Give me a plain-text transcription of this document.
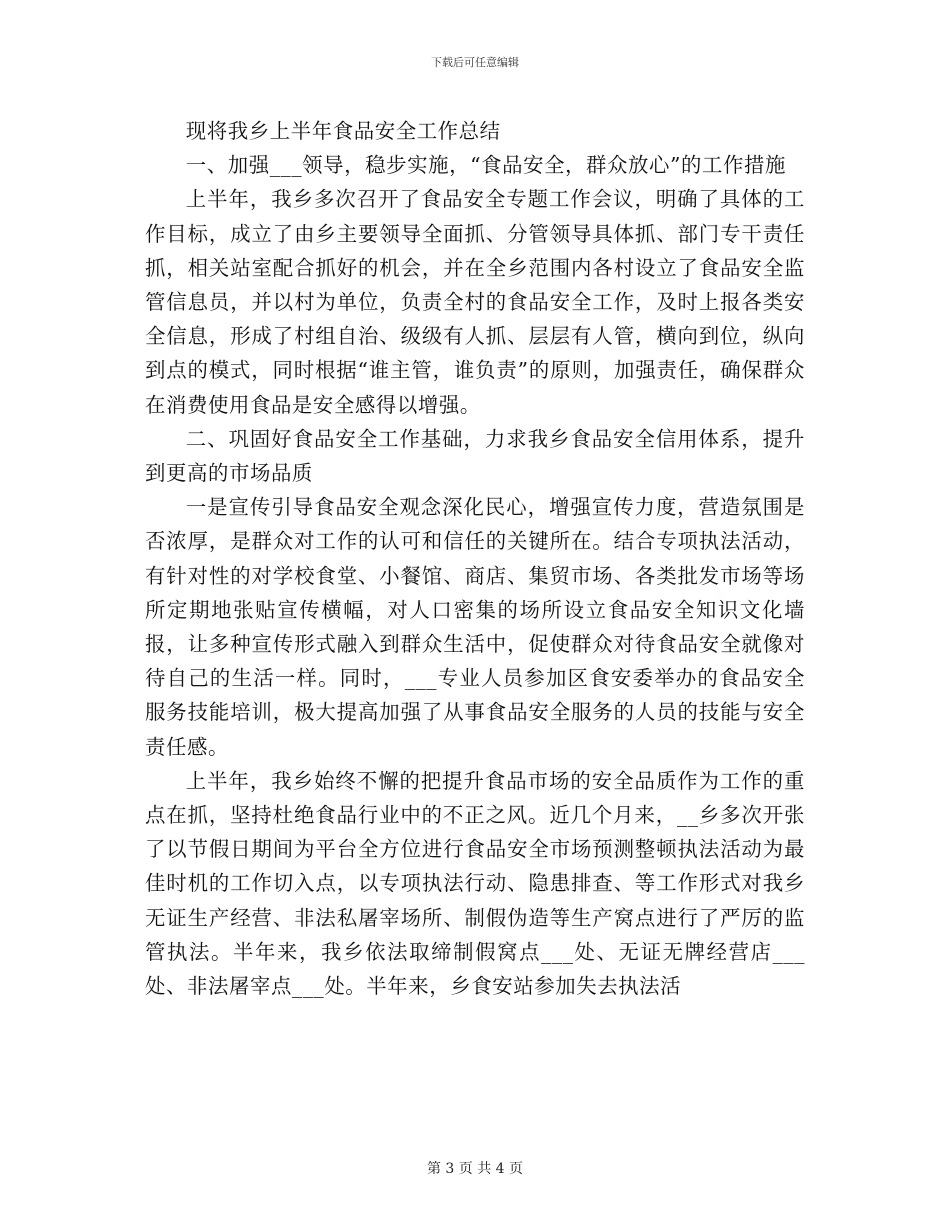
下载后可任意编辑

现将我乡上半年食品安全工作总结

一、加强___领导，稳步实施，“食品安全，群众放心”的工作措施

上半年，我乡多次召开了食品安全专题工作会议，明确了具体的工作目标，成立了由乡主要领导全面抓、分管领导具体抓、部门专干责任抓，相关站室配合抓好的机会，并在全乡范围内各村设立了食品安全监管信息员，并以村为单位，负责全村的食品安全工作，及时上报各类安全信息，形成了村组自治、级级有人抓、层层有人管，横向到位，纵向到点的模式，同时根据“谁主管，谁负责”的原则，加强责任，确保群众在消费使用食品是安全感得以增强。

二、巩固好食品安全工作基础，力求我乡食品安全信用体系，提升到更高的市场品质

一是宣传引导食品安全观念深化民心，增强宣传力度，营造氛围是否浓厚，是群众对工作的认可和信任的关键所在。结合专项执法活动，有针对性的对学校食堂、小餐馆、商店、集贸市场、各类批发市场等场所定期地张贴宣传横幅，对人口密集的场所设立食品安全知识文化墙报，让多种宣传形式融入到群众生活中，促使群众对待食品安全就像对待自己的生活一样。同时，___专业人员参加区食安委举办的食品安全服务技能培训，极大提高加强了从事食品安全服务的人员的技能与安全责任感。

上半年，我乡始终不懈的把提升食品市场的安全品质作为工作的重点在抓，坚持杜绝食品行业中的不正之风。近几个月来，__乡多次开张了以节假日期间为平台全方位进行食品安全市场预测整顿执法活动为最佳时机的工作切入点，以专项执法行动、隐患排查、等工作形式对我乡无证生产经营、非法私屠宰场所、制假伪造等生产窝点进行了严厉的监管执法。半年来，我乡依法取缔制假窝点___处、无证无牌经营店___处、非法屠宰点___处。半年来，乡食安站参加失去执法活

第 3 页 共 4 页
